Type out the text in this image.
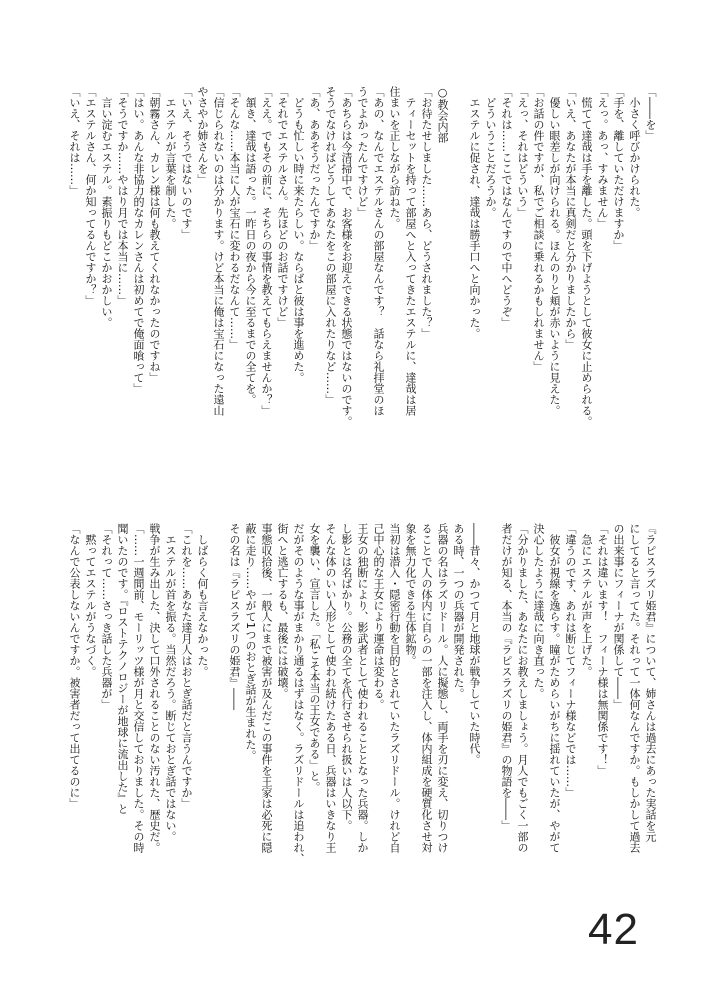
「――を」
　小さく呼びかけられた。
「手を、離していただけますか」
「えっ。あっ、すみません」
　慌てて達哉は手を離した。頭を下げようとして彼女に止められる。
「いえ、あなたが本当に真剣だと分かりましたから」
　優しい眼差しが向けられる。ほんのりと頬が赤いように見えた。
「お話の件ですが、私でご相談に乗れるかもしれません」
「えっ、それはどういう」
「それは……ここではなんですので中へどうぞ」
　どういうことだろうか。
　エステルに促され、達哉は勝手口へと向かった。
○教会内部
「お待たせしました……あら、どうされました？」
　ティーセットを持って部屋へと入ってきたエステルに、達哉は居
住まいを正しながら訪ねた。
「あの、なんでエステルさんの部屋なんです？　話なら礼拝堂のほ
うでよかったんですけど」
「あちらは今清掃中で、お客様をお迎えできる状態ではないのです。
そうでなければどうしてあなたをこの部屋に入れたりなど……」
「あ、ああそうだったんですか」
　どうも忙しい時に来たらしい。ならばと彼は事を進めた。
「それでエステルさん。先ほどのお話ですけど」
「ええ。でもその前に、そちらの事情を教えてもらえませんか？」
　頷き、達哉は語った。一昨日の夜から今に至るまでの全てを。
「そんな……本当に人が宝石に変わるだなんて……」
「信じられないのは分かります。けど本当に俺は宝石になった遠山
やさやか姉さんを」
「いえ、そうではないのです」
　エステルが言葉を制した。
「朝霧さん、カレン様は何も教えてくれなかったのですね」
「はい。あんな非協力的なカレンさんは初めてで俺面喰って」
「そうですか……やはり月では本当に……」
　言い淀むエステル。素振りもどこかおかしい。
「エステルさん、何か知ってるんですか？」
「いえ、それは……」
『ラピスラズリ姫君』について、姉さんは過去にあった実話を元
にしてると言ってた。それって一体何なんですか。もしかして過去
の出来事にフィーナが関係して――」
「それは違います！　フィーナ様は無関係です！」
　急にエステルが声を上げた。
「違うのです、あれは断じてフィーナ様などでは……」
　彼女が視線を逸らす。瞳がためらいがちに揺れていたが、やがて
決心したように達哉に向き直った。
「分かりました、あなたにお教えしましょう。月人でもごく一部の
者だけが知る、本当の『ラピスラズリの姫君』の物語を――」
――昔々、かつて月と地球が戦争していた時代。
ある時、一つの兵器が開発された。
兵器の名はラズリドール。人に擬態し、両手を刃に変え、切りつけ
ることで人の体内に自らの一部を注入し、体内組成を硬質化させ対
象を無力化できる生体鉱物。
当初は潜入・隠密行動を目的とされていたラズリドール。けれど自
己中心的な王女により運命は変わる。
王女の独断により、影武者として使われることとなった兵器。しか
し影とは名ばかり。公務の全てを代行させられ扱いは人以下。
そんな体のいい人形として使われ続けたある日、兵器はいきなり王
女を襲い、宣言した。「私こそ本当の王女である」と。
だがそのような事がまかり通るはずはなく。ラズリドールは追われ、
街へと逃亡するも、最後には破壊。
事態収拾後、一般人にまで被害が及んだこの事件を王家は必死に隠
蔽に走り……やがて1つのおとぎ話が生まれた。
その名は『ラピスラズリの姫君』――
　しばらく何も言えなかった。
「これを……あなた達月人はおとぎ話だと言うんですか」
　エステルが首を振る。当然だろう。断じておとぎ話ではない。
戦争が生み出した、決して口外されることのない汚れた、歴史だ。
「……一週間前、モーリッツ様が月と交信しておりました。その時
聞いたのです。『ロストテクノロジーが地球に流出した』と
「それって……さっき話した兵器が」
　黙ってエステルがうなづく。
「なんで公表しないんですか。被害者だって出てるのに」
42
